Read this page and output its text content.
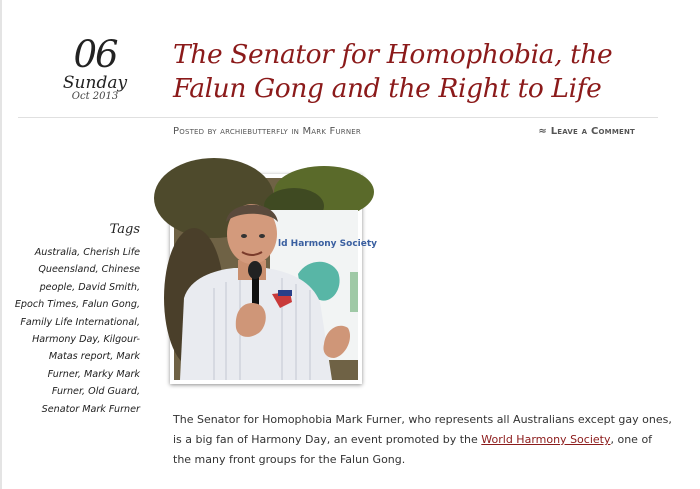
06
Sunday
Oct 2013
The Senator for Homophobia, the Falun Gong and the Right to Life
Posted by archiebutterfly in Mark Furner	≈ Leave a Comment
ld Harmony Society
Tags
Australia, Cherish Life Queensland, Chinese people, David Smith, Epoch Times, Falun Gong, Family Life International, Harmony Day, Kilgour-Matas report, Mark Furner, Marky Mark Furner, Old Guard, Senator Mark Furner

The Senator for Homophobia Mark Furner, who represents all Australians except gay ones, is a big fan of Harmony Day, an event promoted by the World Harmony Society, one of the many front groups for the Falun Gong.
